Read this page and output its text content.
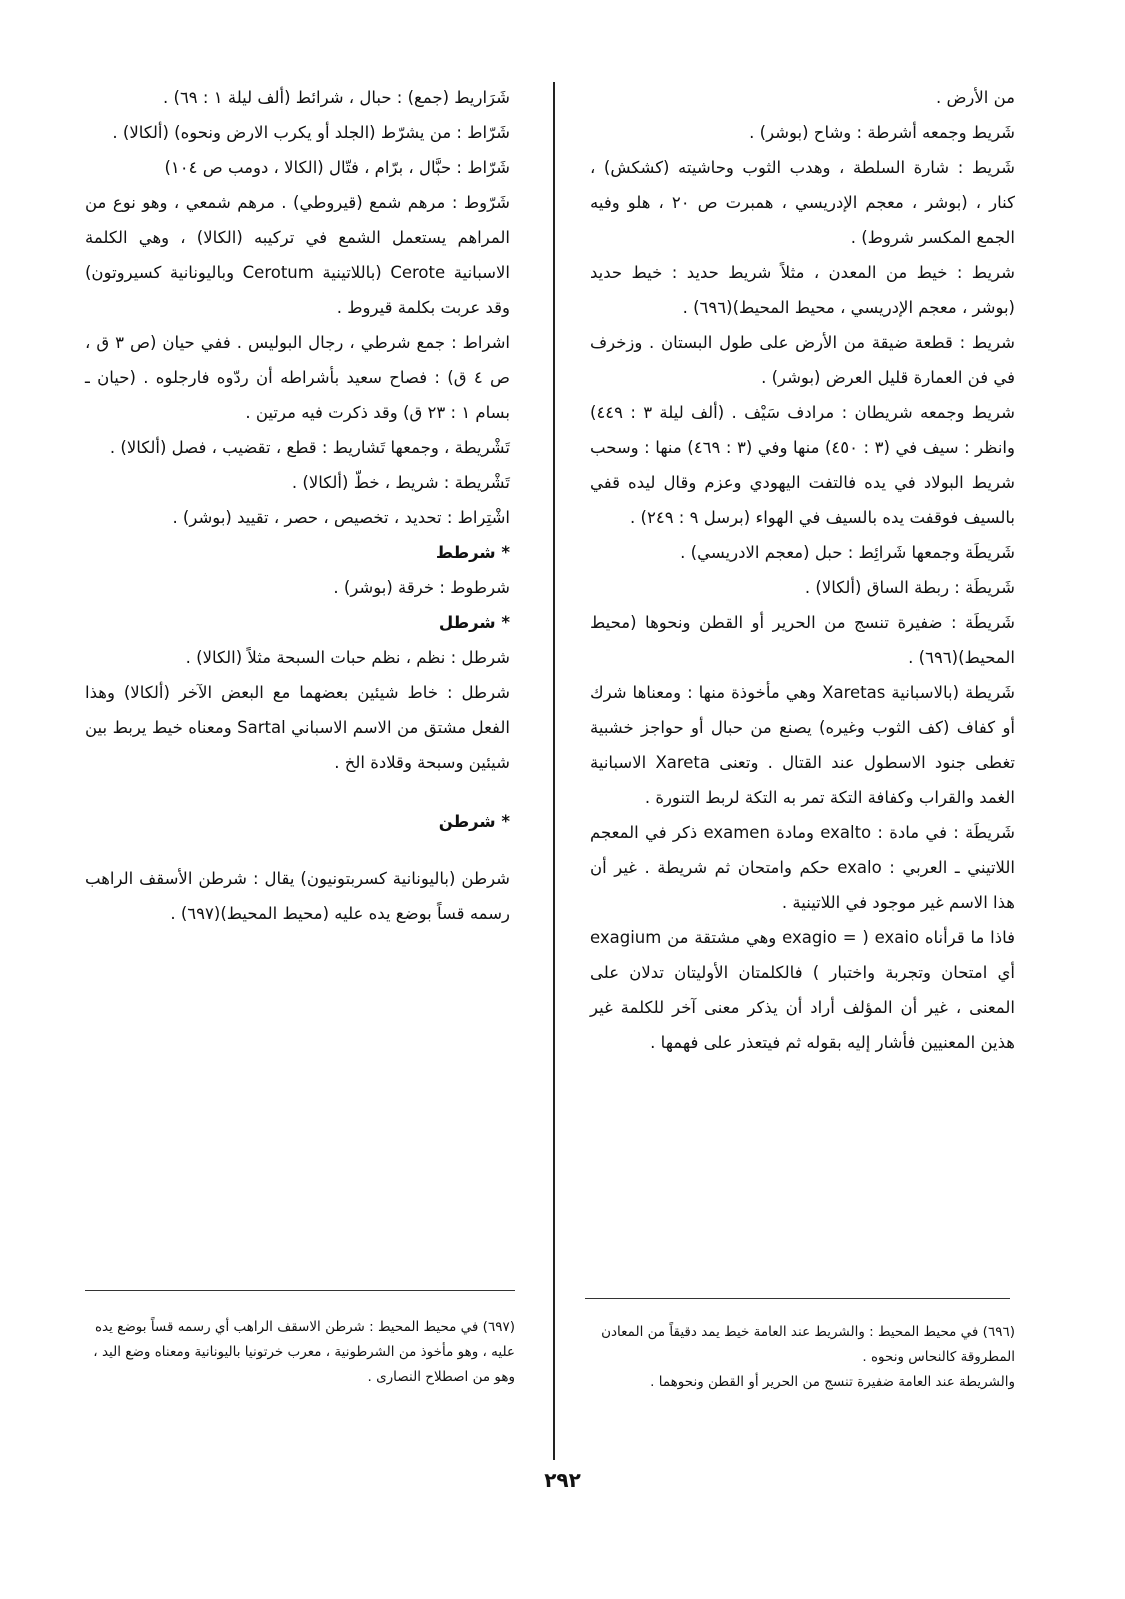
من الأرض .

شَريط وجمعه أشرطة : وشاح (بوشر) .

شَريط : شارة السلطة ، وهدب الثوب وحاشيته (كشكش) ، كنار ، (بوشر ، معجم الإدريسي ، همبرت ص ٢٠ ، هلو وفيه الجمع المكسر شروط) .

شريط : خيط من المعدن ، مثلاً شريط حديد : خيط حديد (بوشر ، معجم الإدريسي ، محيط المحيط)(٦٩٦) .

شريط : قطعة ضيقة من الأرض على طول البستان . وزخرف في فن العمارة قليل العرض (بوشر) .

شريط وجمعه شريطان : مرادف سَيْف . (ألف ليلة ٣ : ٤٤٩) وانظر : سيف في (٣ : ٤٥٠) منها وفي (٣ : ٤٦٩) منها : وسحب شريط البولاد في يده فالتفت اليهودي وعزم وقال ليده قفي بالسيف فوقفت يده بالسيف في الهواء (برسل ٩ : ٢٤٩) .

شَريطَة وجمعها شَرائِط : حبل (معجم الادريسي) .

شَريطَة : ربطة الساق (ألكالا) .

شَريطَة : ضفيرة تنسج من الحرير أو القطن ونحوها (محيط المحيط)(٦٩٦) .

شَريطة (بالاسبانية Xaretas وهي مأخوذة منها : ومعناها شرك أو كفاف (كف الثوب وغيره) يصنع من حبال أو حواجز خشبية تغطى جنود الاسطول عند القتال . وتعنى Xareta الاسبانية الغمد والقراب وكفافة التكة تمر به التكة لربط التنورة .

شَريطَة : في مادة : exalto ومادة examen ذكر في المعجم اللاتيني ـ العربي : exalo حكم وامتحان ثم شريطة . غير أن هذا الاسم غير موجود في اللاتينية .

فاذا ما قرأناه exaio ( = exagio وهي مشتقة من exagium أي امتحان وتجربة واختبار ) فالكلمتان الأوليتان تدلان على المعنى ، غير أن المؤلف أراد أن يذكر معنى آخر للكلمة غير هذين المعنيين فأشار إليه بقوله ثم فيتعذر على فهمها .

شَرَاريط (جمع) : حبال ، شرائط (ألف ليلة ١ : ٦٩) .

شَرّاط : من يشرّط (الجلد أو يكرب الارض ونحوه) (ألكالا) .

شَرّاط : حبَّال ، برّام ، فتّال (الكالا ، دومب ص ١٠٤)

شَرّوط : مرهم شمع (قيروطي) . مرهم شمعي ، وهو نوع من المراهم يستعمل الشمع في تركيبه (الكالا) ، وهي الكلمة الاسبانية Cerote (باللاتينية Cerotum وباليونانية كسيروتون) وقد عربت بكلمة قيروط .

اشراط : جمع شرطي ، رجال البوليس . ففي حيان (ص ٣ ق ، ص ٤ ق) : فصاح سعيد بأشراطه أن ردّوه فارجلوه . (حيان ـ بسام ١ : ٢٣ ق) وقد ذكرت فيه مرتين .

تَشْريطة ، وجمعها تَشاريط : قطع ، تقضيب ، فصل (ألكالا) .

تَشْريطة : شريط ، خطّ (ألكالا) .

اشْتِراط : تحديد ، تخصيص ، حصر ، تقييد (بوشر) .

* شرطط

شرطوط : خرقة (بوشر) .

* شرطل

شرطل : نظم ، نظم حبات السبحة مثلاً (الكالا) .

شرطل : خاط شيئين بعضهما مع البعض الآخر (ألكالا) وهذا الفعل مشتق من الاسم الاسباني Sartal ومعناه خيط يربط بين شيئين وسبحة وقلادة الخ .

* شرطن

شرطن (باليونانية كسربتونيون) يقال : شرطن الأسقف الراهب رسمه قساً بوضع يده عليه (محيط المحيط)(٦٩٧) .

(٦٩٦) في محيط المحيط : والشريط عند العامة خيط يمد دقيقاً من المعادن المطروقة كالنحاس ونحوه .

والشريطة عند العامة ضفيرة تنسج من الحرير أو القطن ونحوهما .

(٦٩٧) في محيط المحيط : شرطن الاسقف الراهب أي رسمه قساً بوضع يده عليه ، وهو مأخوذ من الشرطونية ، معرب خرتونيا باليونانية ومعناه وضع اليد ، وهو من اصطلاح النصارى .

٢٩٢
